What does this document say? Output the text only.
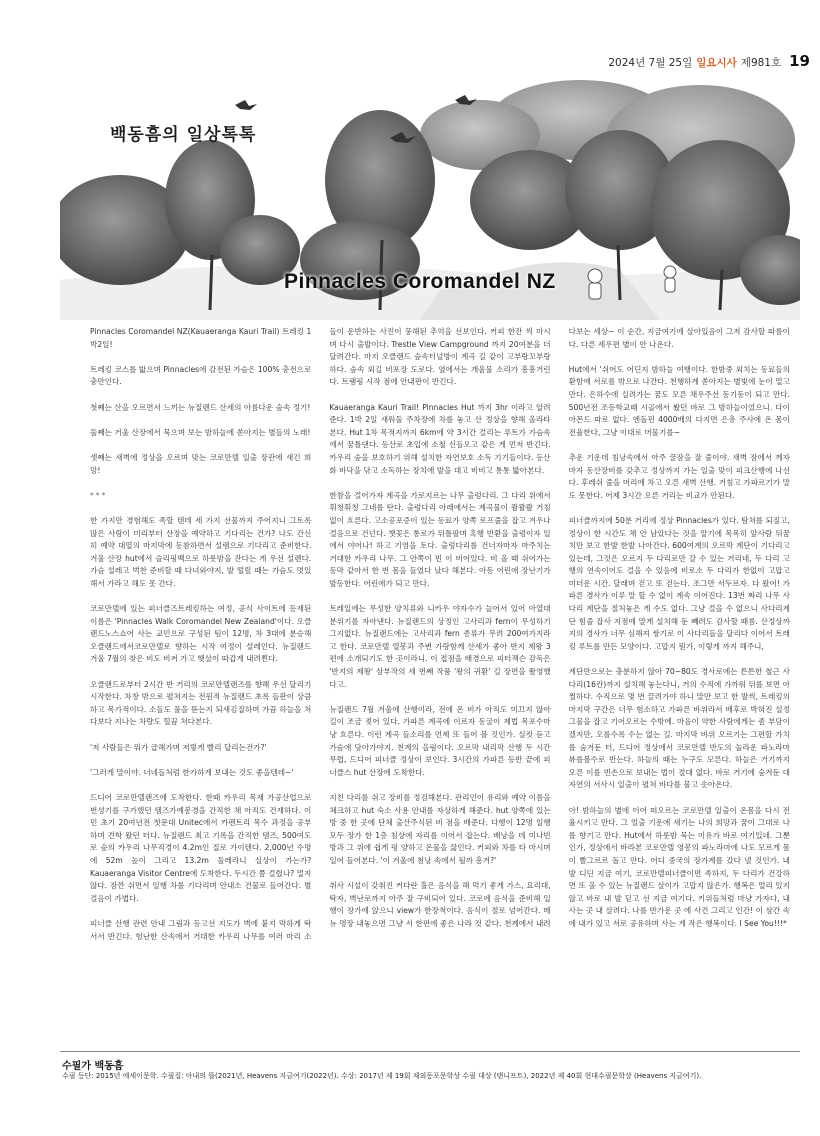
2024년 7월 25일 일요시사 제981호 19
백동흠의 일상톡톡
Pinnacles Coromandel NZ

Pinnacles Coromandel NZ(Kauaeranga Kauri Trail) 트레킹 1박2일!

트레킹 코스를 밟으며 Pinnacles에 감전된 가슴은 100% 충전으로 충만인다.

첫째는 산을 오르면서 느끼는 뉴질랜드 산세의 아름다운 숲속 정기!

둘째는 거울 산장에서 묵으며 보는 밤하늘에 쏟아지는 별들의 노래!

셋째는 새벽에 정상을 오르며 맞는 코로만델 일출 장관에 새긴 희망!

***

한 가지만 경험해도 족할 텐데 세 가지 선물까지 주어지니 그토록 많은 사람이 미리부터 산장을 예약하고 기다리는 건가? 나도 간신히 예약 대열의 마지막에 동참하면서 설렘으로 기다리고 준비한다. 겨울 산장 hut에서 슬리핑백으로 하룻밤을 잔다는 게 우선 설렌다. 가슴 설레고 벅찬 준비할 때 다녀와야지, 발 떨릴 때는 가슴도 멋있해서 가라고 해도 못 간다.

코로만델에 있는 피너클즈트레킹하는 여정, 공식 사이트에 등재된 이름은 'Pinnacles Walk Coromandel New Zealand'이다. 오클랜드노스쇼어 사는 교민으로 구성된 팀이 12명, 차 3대에 분승해 오클랜드에서코로만델로 향하는 시작 여정이 설레인다. 뉴질랜드 겨울 7월의 찾은 비도 비켜 가고 햇살이 따갑게 내려쬔다.

오클랜드로부터 2시간 반 거리의 코로만델랜즈를 향해 우선 달리기 시작한다. 차창 밖으로 펼쳐지는 전원적 뉴질랜드 초록 들판이 상큼하고 목가적이다. 소들도 풀을 뜯는지 되새김질하며 가끔 하늘을 쳐다보다 지나는 차량도 힐끔 쳐다본다.

'저 사람들은 뭐가 급해가며 저렇게 빨리 달리는건가?'

'그러게 말이야. 너네들처럼 한가하게 보내는 것도 좋을텐데~'

드디어 코로만델랜즈에 도착한다. 한때 카우리 목재 가공산업으로 번성기를 구가했던 템즈가예봉경을 간직한 채 아직도 건재하다. 이민 초기 20여년전 첫문대 Unitec에서 카펜트리 목수 과정을 공부하며 견학 왔던 터다. 뉴질랜드 최고 기록을 간직한 템즈, 500여도로 숲의 카우리 나무직경이 4.2m인 질로 가이텐다. 2,000년 수명에 52m 높이 그리고 13.2m 둘레라니 실상이 가는가? Kauaeranga Visitor Centre에 도착한다. 두시간 쯤 걸렸나? 멀지 않다. 잠깐 쉬면서 일행 차를 기다리며 안내소 건물로 들어간다. 별걸음이 가볍다.

피너클 산행 관련 안내 그림과 등고선 지도가 벽에 붙지 막하게 딱 서서 반긴다. 험난한 산속에서 거대한 카우리 나무를 여러 마리 소들이 운반하는 사진이 뭉해된 추억을 선보인다. 커피 한잔 씩 마시며 다시 출발이다. Trestle View Campground 까지 20여분을 더 달려간다. 마지 오클랜드 숲속터널방이 계곡 길 같이 고부랑꼬부랑 하다. 숲속 외길 비포장 도로다. 옆에서는 개울물 소리가 흥흥거린다. 트램핑 시작 점에 안내판이 반긴다.

Kauaeranga Kauri Trail! Pinnacles Hut 까지 3hr 이라고 알려준다. 1박 2일 새워둘 주차장에 차를 놓고 산 정상을 향해 올라타 본다. Hut 1차 목적지까지 6km에 약 3시간 걸리는 루트가 가슴속에서 꿈틀댄다. 등산로 초입에 소철 신들오고 같은 게 먼저 반긴다. 카우리 숲을 보호하기 위해 설치한 자연보호 소독 기기들이다. 등산화 바닥을 닦고 소독하는 장치에 발을 대고 비비고 통통 밟아본다.

한참을 걸어가자 계곡을 가로지르는 나무 출렁다리. 그 다리 위에서 휘청휘청 그네를 탄다. 출렁다리 아래에서는 계곡물이 콸콸콸 거침없이 흐른다. 고소공포증이 있는 동료가 양쪽 로프줄을 잡고 겨우나 걸음으로 건넌다. 챗꽃은 통로가 뒤틀팔며 혹행 반환을 출렁이자 일에서 야어나! 하고 기염을 토다. 출렁다리를 건너자마자 마주치는 거대한 카우리 나무. 그 안쪽이 빈 이 비어있다. 비 올 때 쉬어가는 동막 같아서 한 번 몸을 들였다 났다 해본다. 아동 어린애 장난기가 발동한다. 어린애가 되고 만다.

트레일에는 무성한 양치류와 니카우 야자수가 늘어서 있어 아열대 분위기를 자아낸다. 뉴질랜드의 상징인 고사리과 fern이 무성하기 그지없다. 뉴질랜드에는 고사리과 fern 종류가 무려 200여가지라고 한다. 코로만델 열봉과 주변 가랑함께 산세가 좋아 반지 제왕 3편에 소개되기도 한 곳이라니. 이 접점을 배경으로 피터잭슨 감독은 '반지의 제왕' 삼부작의 세 번째 작품 '왕의 귀환' 길 장면을 촬영했다고.

뉴질랜드 7월 겨울에 산행이라, 전에 온 비가 아직도 미끄지 않아 길이 조금 젖어 있다. 가파른 계곡에 이르자 동굴이 제법 목포수마냥 흐른다. 이런 계곡 들소리를 언제 또 들어 볼 것인가. 실컷 듣고 가슴에 담아가야지. 천계의 을림이다. 오르막 내리막 산행 두 시간 무렵, 드디어 피너클 정상이 보인다. 3시간의 가파른 등반 끝에 피너클스 hut 산장에 도착한다.

지친 다리를 쉬고 장비를 정검해본다. 관리인이 유리와 예약 이름을 체크하고 hut 숙소 사용 안내를 자상하게 해준다. hut 양쪽에 있는 방 중 한 곳에 단체 출산주식된 비 점을 배준다. 다행이 12명 일행 모두 장가 한 1층 침상에 자리를 이어서 잡는다. 배낭을 데 미나빈 방과 그 위에 쉽게 펑 양하고 온물을 끓인다. 커피와 차를 타 마시며 일어 들어본다. '이 겨울에 첨낭 속에서 될까 흥겨?'

취사 시설이 갖춰진 커다란 홀은 음식을 해 먹기 좋게 가스, 요리대, 탁자, 벽난로까지 아주 잘 구비되어 있다. 코로에 음식을 준비해 일행이 장가에 앉으니 view가 한장척이다. 음식이 절로 넘어간다. 메뉴 명장 내놓으면 그냥 서 한편에 좋은 나라 것 같다. 천계에서 내려다보는 세상~ 이 순간, 지금여기에 살아있음이 그저 감사할 따름이다. 다른 세우편 별이 안 나온다.

Hut에서 '쉬어도 어딘지 밤하늘 여행이다. 한밤중 외치는 동료들의 환함에 서로를 밖으로 나간다. 천행하게 쏟아지는 별빛에 눈이 멀고만다. 은하수에 실려가는 꿈도 모른 채우주선 동기동이 되고 만다. 500년전 조등학교때 시골에서 봤던 바로 그 밤하늘이었으니. 다이아몬드 따로 없다. 엔돌핀 4000배의 다지면 은총 주사에 온 몸이 전율한다, 그냥 이대로 머물기를~

추운 기운데 침낭속에서 아주 꿀잠을 잘 줄이야. 새벽 잠에서 께자마자 동산장비를 갖추고 정상까지 가는 일출 맞이 피크산행에 나선다. 후레쉬 줄을 머리에 차고 오른 새벽 산행. 거침고 가파르기가 말도 못한다. 어제 3시간 오른 거리는 비교가 안된다.

피너클까지에 50분 거리에 정상 Pinnacles가 있다. 탐쳐를 되짚고, 정상이 한 시간도 채 안 남았다는 것을 알기에 목목히 앞사람 뒤꿈치만 보고 한발 한발 나아간다. 600여계의 오르막 계단이 기다리고 있는데, 그것은 오르지 두 다리로만 갈 수 있는 거리네, 두 다리 고행의 연속이어도 걸을 수 있음에 비로소 두 다리가 한없이 고맙고 미더운 시간. 달래며 걷고 또 걷는다. 조그만 서두르자. 다 왔어! 가파른 경사가 이루 말 할 수 없이 계속 이어진다. 13번 짜리 나무 사다리 계단을 절처놓은 게 수도 없다. 그냥 걸을 수 없으니 사다리계단 힘줄 잡사 지점에 말게 설치해 둔 빼려도 감사할 때름. 산정상까지의 경사가 너무 심해져 쌍기로 이 사다리들을 달리다 이어서 트래킹 루트를 만든 모양이다. 고맙지 뭔가, 이렇게 까지 해주니,

계단만으로는 충분하지 않아 70~80도 경사로에는 튼튼한 철근 사다리(16칸)까지 설치해 놓는다니, 거의 수직에 가까워 뒤를 보면 아찔하다. 수직으로 몇 번 끌려가야 하니 말만 보고 한 발씩, 트래킹의 마지막 구간은 너무 험소하고 가파른 바위라서 배후로 박혀진 설정 그물을 잡고 기어오르는 수밖에. 마음이 약한 사람에게는 좀 부담이겠지만, 오를수록 수는 없는 길. 마지막 바위 오르기는 그편할 가치를 숨겨둔 터, 드디어 정상에서 코로만델 반도의 놀라운 파노라마 뷰를볼수로 반는다. 하늘의 때는 누구도 모른다. 하늘은 거기까지 오른 이를 빈손으로 보내는 법이 절대 없다. 바로 거기에 숨겨둔 대자연의 서사시 일출이 펼쳐 바다를 물고 솟아온다.

아! 밤하늘의 별에 이어 떠오르는 코로만델 일출이 온몸을 다시 전율시키고 만다. 그 얼출 기운에 새기는 나의 희망과 꿈이 그대로 나를 향기고 만다. Hut에서 하룻밤 묵는 이유가 바로 여기있네. 그뿐인가, 정상에서 바라본 코로만델 영봉의 파노라마에 나도 모르게 몸이 빨그르르 돌고 만다. 어디 중국의 장가계를 갔다 낼 것인가. 내 발 디딘 지금 여기, 코로만델피너클이면 족하지, 두 다리가 건강하면 또 올 수 있는 뉴질랜드 살이가 고맙지 않은가. 행복은 멀리 있지 않고 바로 내 발 딛고 선 지금 여기다. 키위들처럼 마냥 가자다, 내 사는 곳 내 살려다. 나를 반가운 곳 에 사건 그리고 인간! 이 삼간 속에 내가 있고 서로 공유하며 사는 게 작은 행복이다. I See You!!!*

수필가 백동흠
수필 등단: 2015년 에세이문학. 수필집: 아내의 뜰(2021년, Heavens 지금여기(2022년). 수상: 2017년 제 19회 재외동포문학상 수필 대상 (탠니프트), 2022년 제 40회 현대수필문학상 (Heavens 지금여기).
